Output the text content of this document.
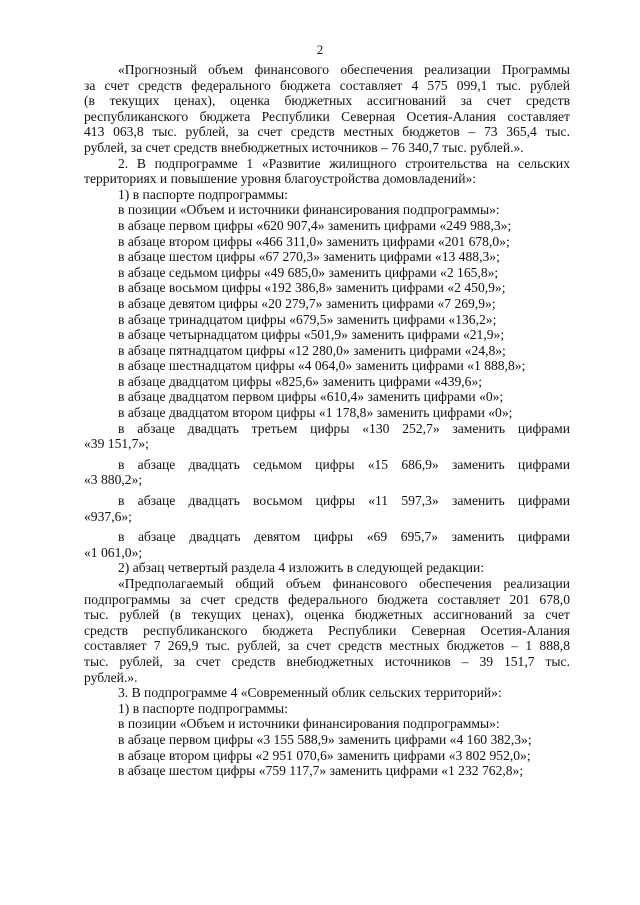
2
«Прогнозный объем финансового обеспечения реализации Программы
за счет средств федерального бюджета составляет 4 575 099,1 тыс. рублей
(в текущих ценах), оценка бюджетных ассигнований за счет средств
республиканского бюджета Республики Северная Осетия-Алания составляет
413 063,8 тыс. рублей, за счет средств местных бюджетов – 73 365,4 тыс.
рублей, за счет средств внебюджетных источников – 76 340,7 тыс. рублей.».
2. В подпрограмме 1 «Развитие жилищного строительства на сельских
территориях и повышение уровня благоустройства домовладений»:
1) в паспорте подпрограммы:
в позиции «Объем и источники финансирования подпрограммы»:
в абзаце первом цифры «620 907,4» заменить цифрами «249 988,3»;
в абзаце втором цифры «466 311,0» заменить цифрами «201 678,0»;
в абзаце шестом цифры «67 270,3» заменить цифрами «13 488,3»;
в абзаце седьмом цифры «49 685,0» заменить цифрами «2 165,8»;
в абзаце восьмом цифры «192 386,8» заменить цифрами «2 450,9»;
в абзаце девятом цифры «20 279,7» заменить цифрами «7 269,9»;
в абзаце тринадцатом цифры «679,5» заменить цифрами «136,2»;
в абзаце четырнадцатом цифры «501,9» заменить цифрами «21,9»;
в абзаце пятнадцатом цифры «12 280,0» заменить цифрами «24,8»;
в абзаце шестнадцатом цифры «4 064,0» заменить цифрами «1 888,8»;
в абзаце двадцатом цифры «825,6» заменить цифрами «439,6»;
в абзаце двадцатом первом цифры «610,4» заменить цифрами «0»;
в абзаце двадцатом втором цифры «1 178,8» заменить цифрами «0»;
в абзаце двадцать третьем цифры «130 252,7» заменить цифрами
«39 151,7»;
в абзаце двадцать седьмом цифры «15 686,9» заменить цифрами
«3 880,2»;
в абзаце двадцать восьмом цифры «11 597,3» заменить цифрами
«937,6»;
в абзаце двадцать девятом цифры «69 695,7» заменить цифрами
«1 061,0»;
2) абзац четвертый раздела 4 изложить в следующей редакции:
«Предполагаемый общий объем финансового обеспечения реализации
подпрограммы за счет средств федерального бюджета составляет 201 678,0
тыс. рублей (в текущих ценах), оценка бюджетных ассигнований за счет
средств республиканского бюджета Республики Северная Осетия-Алания
составляет 7 269,9 тыс. рублей, за счет средств местных бюджетов – 1 888,8
тыс. рублей, за счет средств внебюджетных источников – 39 151,7 тыс.
рублей.».
3. В подпрограмме 4 «Современный облик сельских территорий»:
1) в паспорте подпрограммы:
в позиции «Объем и источники финансирования подпрограммы»:
в абзаце первом цифры «3 155 588,9» заменить цифрами «4 160 382,3»;
в абзаце втором цифры «2 951 070,6» заменить цифрами «3 802 952,0»;
в абзаце шестом цифры «759 117,7» заменить цифрами «1 232 762,8»;
